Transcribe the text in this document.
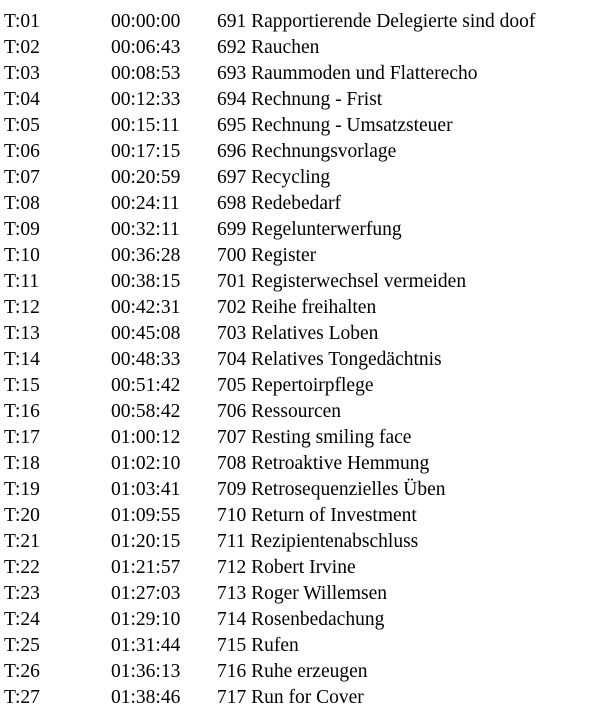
T:01	00:00:00	691 Rapportierende Delegierte sind doof
T:02	00:06:43	692 Rauchen
T:03	00:08:53	693 Raummoden und Flatterecho
T:04	00:12:33	694 Rechnung - Frist
T:05	00:15:11	695 Rechnung - Umsatzsteuer
T:06	00:17:15	696 Rechnungsvorlage
T:07	00:20:59	697 Recycling
T:08	00:24:11	698 Redebedarf
T:09	00:32:11	699 Regelunterwerfung
T:10	00:36:28	700 Register
T:11	00:38:15	701 Registerwechsel vermeiden
T:12	00:42:31	702 Reihe freihalten
T:13	00:45:08	703 Relatives Loben
T:14	00:48:33	704 Relatives Tongedächtnis
T:15	00:51:42	705 Repertoirpflege
T:16	00:58:42	706 Ressourcen
T:17	01:00:12	707 Resting smiling face
T:18	01:02:10	708 Retroaktive Hemmung
T:19	01:03:41	709 Retrosequenzielles Üben
T:20	01:09:55	710 Return of Investment
T:21	01:20:15	711 Rezipientenabschluss
T:22	01:21:57	712 Robert Irvine
T:23	01:27:03	713 Roger Willemsen
T:24	01:29:10	714 Rosenbedachung
T:25	01:31:44	715 Rufen
T:26	01:36:13	716 Ruhe erzeugen
T:27	01:38:46	717 Run for Cover
